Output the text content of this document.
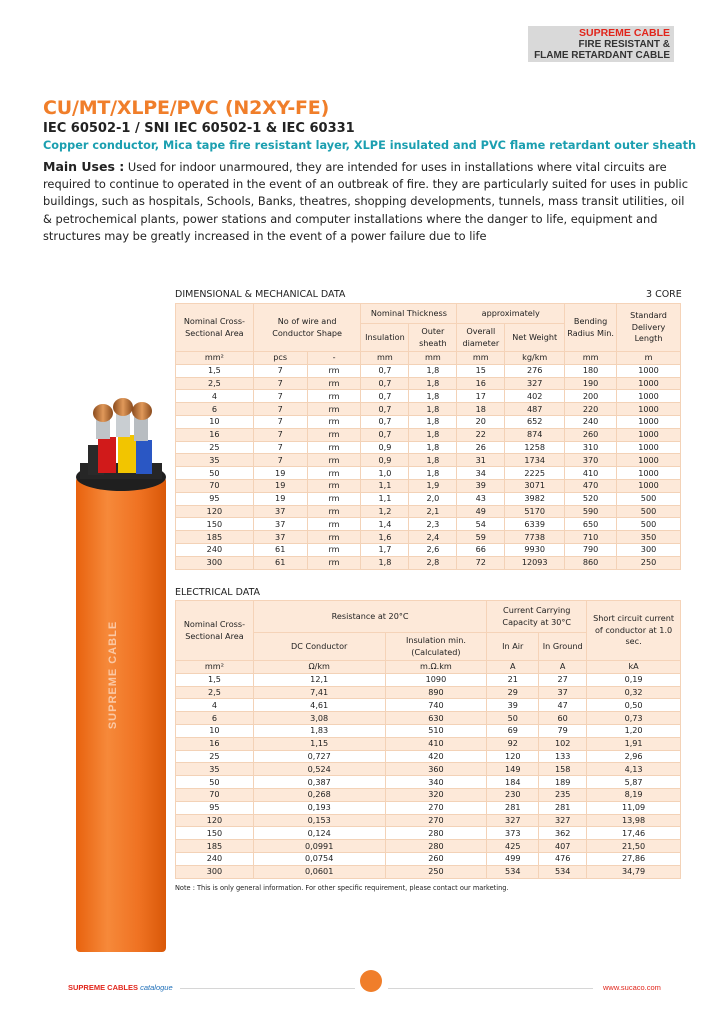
SUPREME CABLE
FIRE RESISTANT &
FLAME RETARDANT CABLE
CU/MT/XLPE/PVC (N2XY-FE)
IEC 60502-1 / SNI IEC 60502-1 & IEC 60331
Copper conductor, Mica tape fire resistant layer, XLPE insulated and PVC flame retardant outer sheath
Main Uses : Used for indoor unarmoured, they are intended for uses in installations where vital circuits are required to continue to operated in the event of an outbreak of fire. they are particularly suited for uses in public buildings, such as hospitals, Schools, Banks, theatres, shopping developments, tunnels, mass transit utilities, oil & petrochemical plants, power stations and computer installations where the danger to life, equipment and structures may be greatly increased in the event of a power failure due to life
SUPREME CABLE
DIMENSIONAL & MECHANICAL DATA	3 CORE
Nominal Cross-Sectional Area	No of wire and Conductor Shape		Nominal Thickness		approximately		Bending Radius Min.	Standard Delivery Length
			Insulation	Outer sheath	Overall diameter	Net Weight		
mm²	pcs	-	mm	mm	mm	kg/km	mm	m
1,5	7	rm	0,7	1,8	15	276	180	1000
2,5	7	rm	0,7	1,8	16	327	190	1000
4	7	rm	0,7	1,8	17	402	200	1000
6	7	rm	0,7	1,8	18	487	220	1000
10	7	rm	0,7	1,8	20	652	240	1000
16	7	rm	0,7	1,8	22	874	260	1000
25	7	rm	0,9	1,8	26	1258	310	1000
35	7	rm	0,9	1,8	31	1734	370	1000
50	19	rm	1,0	1,8	34	2225	410	1000
70	19	rm	1,1	1,9	39	3071	470	1000
95	19	rm	1,1	2,0	43	3982	520	500
120	37	rm	1,2	2,1	49	5170	590	500
150	37	rm	1,4	2,3	54	6339	650	500
185	37	rm	1,6	2,4	59	7738	710	350
240	61	rm	1,7	2,6	66	9930	790	300
300	61	rm	1,8	2,8	72	12093	860	250
ELECTRICAL DATA
Nominal Cross-Sectional Area	Resistance at 20°C		Current Carrying Capacity at 30°C		Short circuit current of conductor at 1.0 sec.
	DC Conductor	Insulation min. (Calculated)	In Air	In Ground	
mm²	Ω/km	m.Ω.km	A	A	kA
1,5	12,1	1090	21	27	0,19
2,5	7,41	890	29	37	0,32
4	4,61	740	39	47	0,50
6	3,08	630	50	60	0,73
10	1,83	510	69	79	1,20
16	1,15	410	92	102	1,91
25	0,727	420	120	133	2,96
35	0,524	360	149	158	4,13
50	0,387	340	184	189	5,87
70	0,268	320	230	235	8,19
95	0,193	270	281	281	11,09
120	0,153	270	327	327	13,98
150	0,124	280	373	362	17,46
185	0,0991	280	425	407	21,50
240	0,0754	260	499	476	27,86
300	0,0601	250	534	534	34,79
Note : This is only general information. For other specific requirement, please contact our marketing.
SUPREME CABLES catalogue	www.sucaco.com
